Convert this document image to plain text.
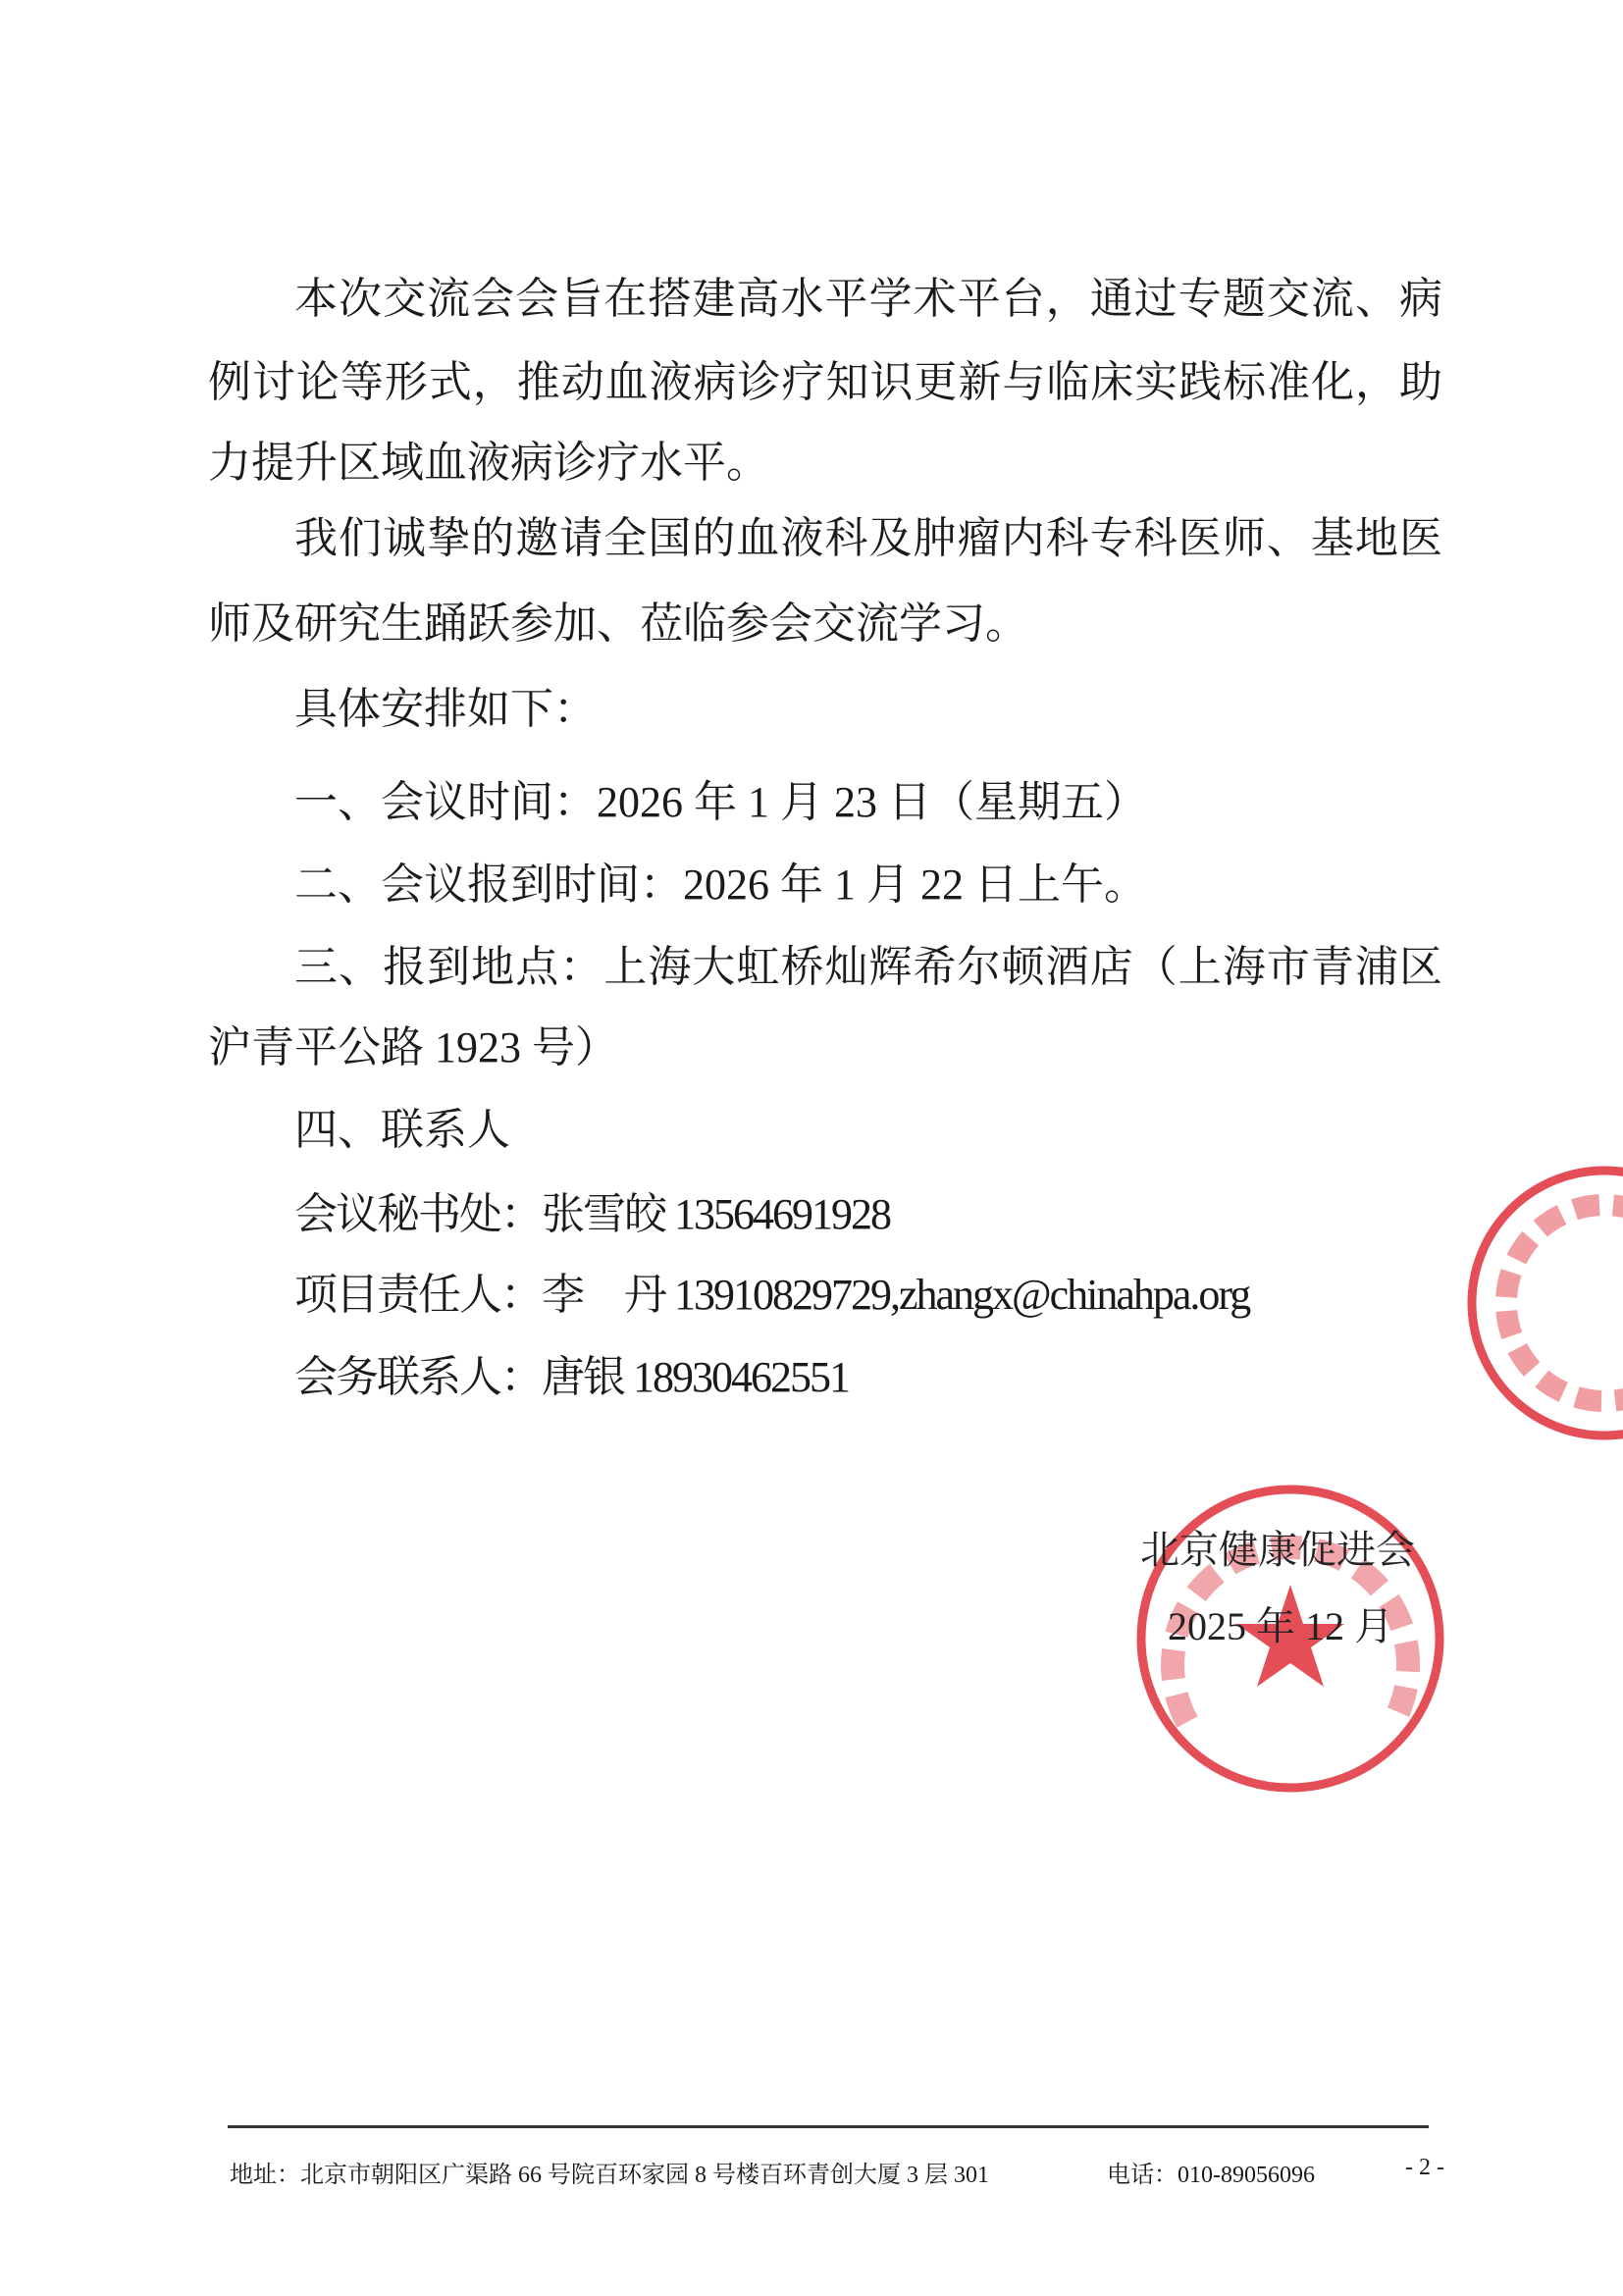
本次交流会会旨在搭建高水平学术平台，通过专题交流、病
例讨论等形式，推动血液病诊疗知识更新与临床实践标准化，助
力提升区域血液病诊疗水平。
我们诚挚的邀请全国的血液科及肿瘤内科专科医师、基地医
师及研究生踊跃参加、莅临参会交流学习。
具体安排如下：
一、会议时间：2026 年 1 月 23 日（星期五）
二、会议报到时间：2026 年 1 月 22 日上午。
三、报到地点：上海大虹桥灿辉希尔顿酒店（上海市青浦区
沪青平公路 1923 号）
四、联系人
会议秘书处：张雪皎 13564691928
项目责任人：李　丹 13910829729,zhangx@chinahpa.org
会务联系人：唐银 18930462551
北京健康促进会
2025 年 12 月
地址：北京市朝阳区广渠路 66 号院百环家园 8 号楼百环青创大厦 3 层 301	电话：010-89056096	- 2 -
